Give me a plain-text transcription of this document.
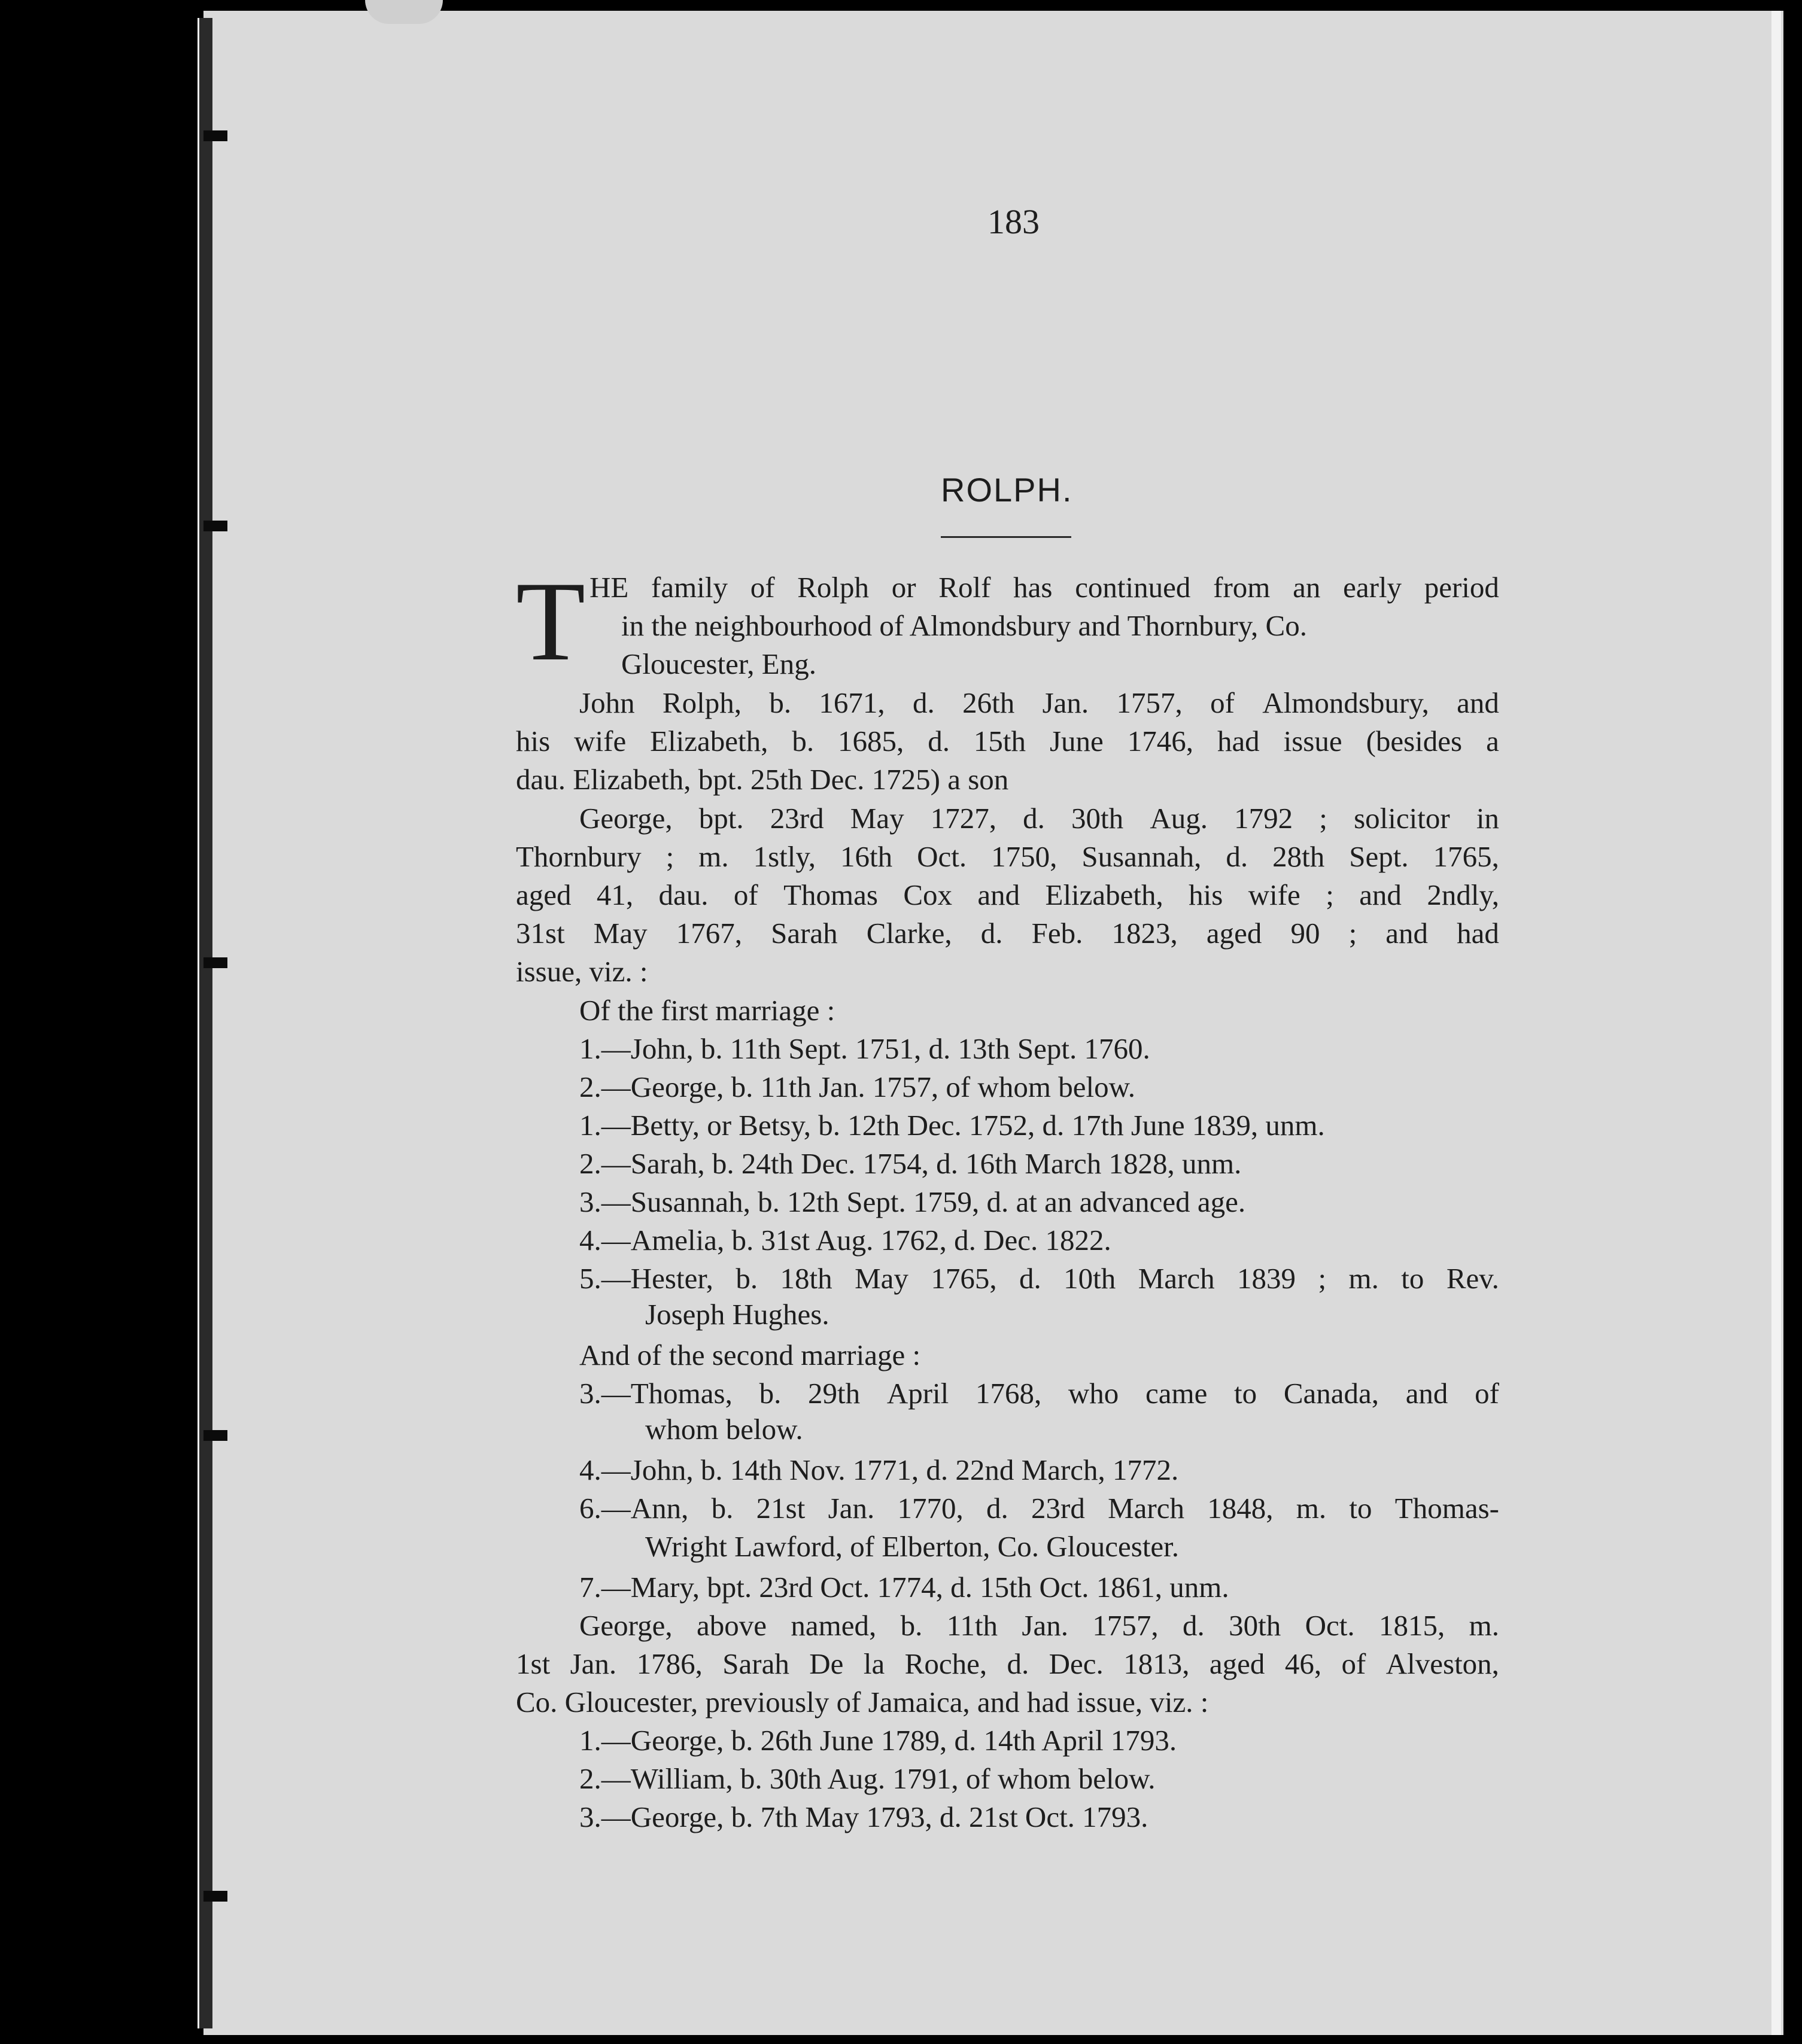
183
ROLPH.
T HE family of Rolph or Rolf has continued from an early period
in the neighbourhood of Almondsbury and Thornbury, Co.
Gloucester, Eng.
John Rolph, b. 1671, d. 26th Jan. 1757, of Almondsbury, and
his wife Elizabeth, b. 1685, d. 15th June 1746, had issue (besides a
dau. Elizabeth, bpt. 25th Dec. 1725) a son
George, bpt. 23rd May 1727, d. 30th Aug. 1792 ; solicitor in
Thornbury ; m. 1stly, 16th Oct. 1750, Susannah, d. 28th Sept. 1765,
aged 41, dau. of Thomas Cox and Elizabeth, his wife ; and 2ndly,
31st May 1767, Sarah Clarke, d. Feb. 1823, aged 90 ; and had
issue, viz. :
Of the first marriage :
1.—John, b. 11th Sept. 1751, d. 13th Sept. 1760.
2.—George, b. 11th Jan. 1757, of whom below.
1.—Betty, or Betsy, b. 12th Dec. 1752, d. 17th June 1839, unm.
2.—Sarah, b. 24th Dec. 1754, d. 16th March 1828, unm.
3.—Susannah, b. 12th Sept. 1759, d. at an advanced age.
4.—Amelia, b. 31st Aug. 1762, d. Dec. 1822.
5.—Hester, b. 18th May 1765, d. 10th March 1839 ; m. to Rev.
Joseph Hughes.
And of the second marriage :
3.—Thomas, b. 29th April 1768, who came to Canada, and of
whom below.
4.—John, b. 14th Nov. 1771, d. 22nd March, 1772.
6.—Ann, b. 21st Jan. 1770, d. 23rd March 1848, m. to Thomas-
Wright Lawford, of Elberton, Co. Gloucester.
7.—Mary, bpt. 23rd Oct. 1774, d. 15th Oct. 1861, unm.
George, above named, b. 11th Jan. 1757, d. 30th Oct. 1815, m.
1st Jan. 1786, Sarah De la Roche, d. Dec. 1813, aged 46, of Alveston,
Co. Gloucester, previously of Jamaica, and had issue, viz. :
1.—George, b. 26th June 1789, d. 14th April 1793.
2.—William, b. 30th Aug. 1791, of whom below.
3.—George, b. 7th May 1793, d. 21st Oct. 1793.
